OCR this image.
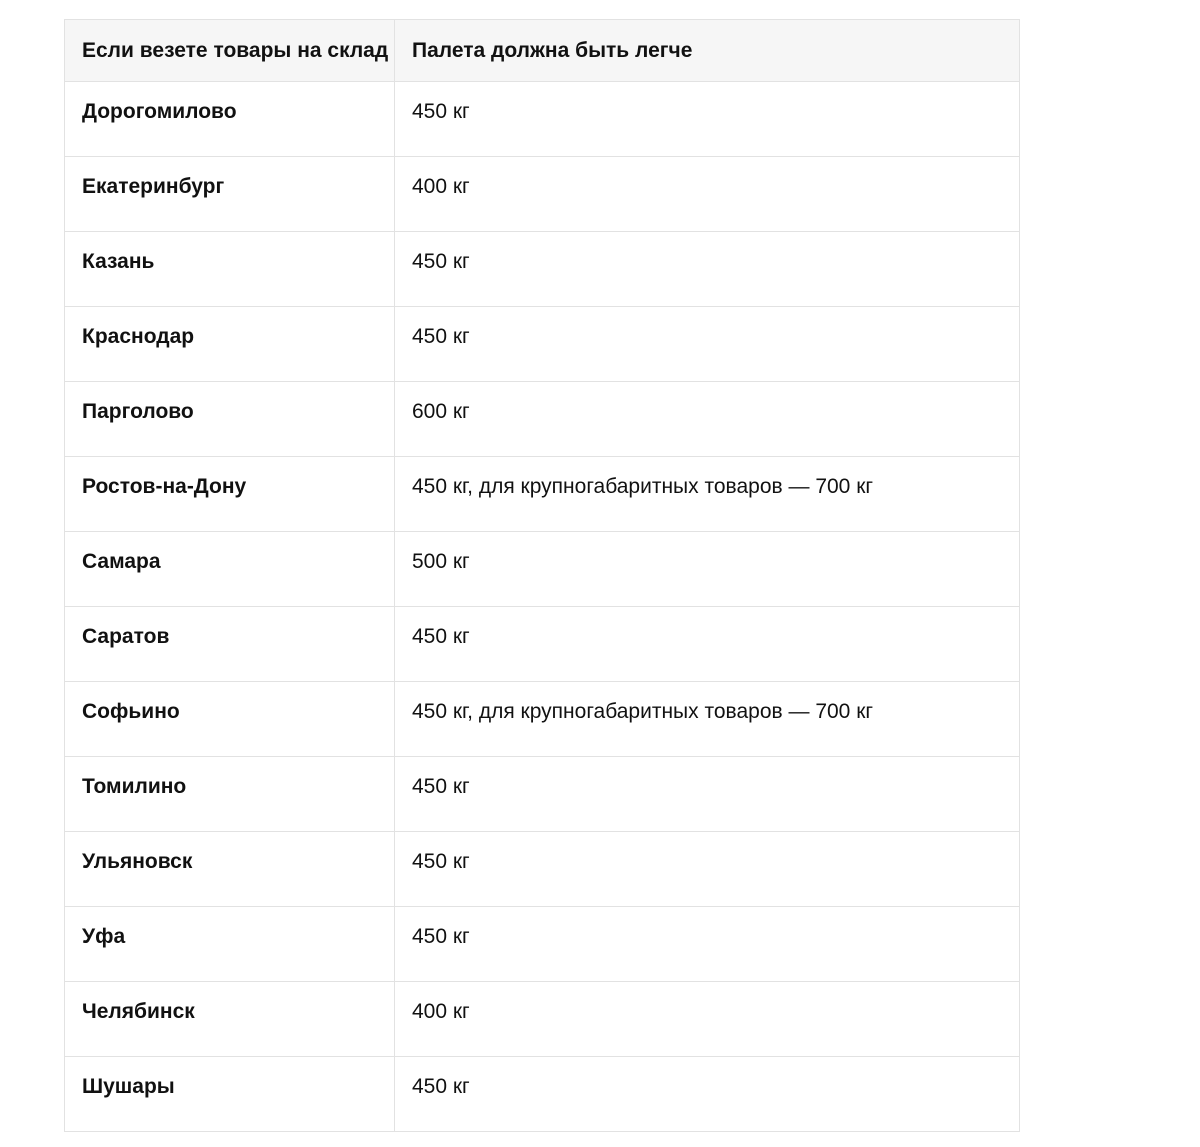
Если везете товары на склад	Палета должна быть легче
Дорогомилово	450 кг
Екатеринбург	400 кг
Казань	450 кг
Краснодар	450 кг
Парголово	600 кг
Ростов-на-Дону	450 кг, для крупногабаритных товаров — 700 кг
Самара	500 кг
Саратов	450 кг
Софьино	450 кг, для крупногабаритных товаров — 700 кг
Томилино	450 кг
Ульяновск	450 кг
Уфа	450 кг
Челябинск	400 кг
Шушары	450 кг
